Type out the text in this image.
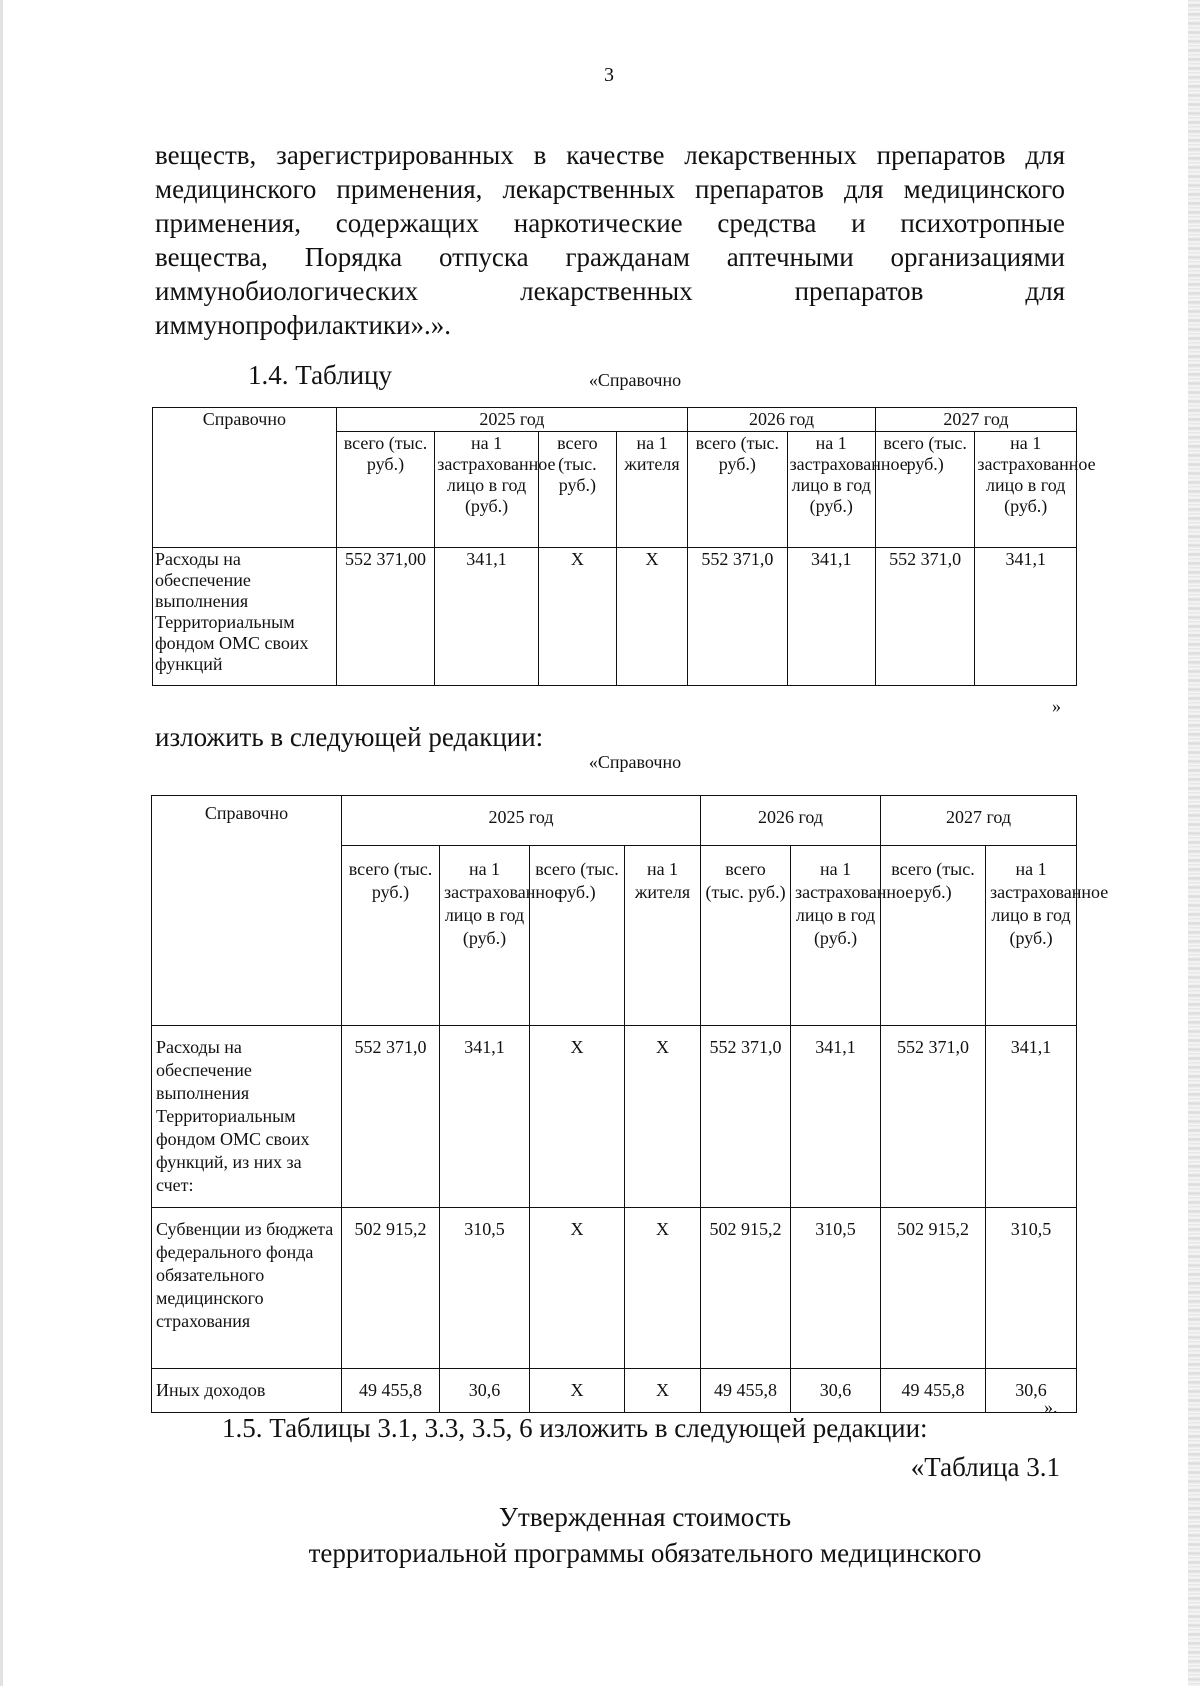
3
веществ, зарегистрированных в качестве лекарственных препаратов для
медицинского применения, лекарственных препаратов для медицинского
применения, содержащих наркотические средства и психотропные
вещества, Порядка отпуска гражданам аптечными организациями
иммунобиологических лекарственных препаратов для
иммунопрофилактики».».
1.4. Таблицу	«Справочно
Справочно	2025 год				2026 год		2027 год	
	всего (тыс. руб.)	на 1 застрахованное лицо в год (руб.)	всего (тыс. руб.)	на 1 жителя	всего (тыс. руб.)	на 1 застрахованное лицо в год (руб.)	всего (тыс. руб.)	на 1 застрахованное лицо в год (руб.)
Расходы на обеспечение выполнения Территориальным фондом ОМС своих функций	552 371,00	341,1	Х	Х	552 371,0	341,1	552 371,0	341,1
»
изложить в следующей редакции:
«Справочно
Справочно	2025 год				2026 год		2027 год	
	всего (тыс. руб.)	на 1 застрахованное лицо в год (руб.)	всего (тыс. руб.)	на 1 жителя	всего (тыс. руб.)	на 1 застрахованное лицо в год (руб.)	всего (тыс. руб.)	на 1 застрахованное лицо в год (руб.)
Расходы на обеспечение выполнения Территориальным фондом ОМС своих функций, из них за счет:	552 371,0	341,1	Х	Х	552 371,0	341,1	552 371,0	341,1
Субвенции из бюджета федерального фонда обязательного медицинского страхования	502 915,2	310,5	Х	Х	502 915,2	310,5	502 915,2	310,5
Иных доходов	49 455,8	30,6	Х	Х	49 455,8	30,6	49 455,8	30,6
».
1.5. Таблицы 3.1, 3.3, 3.5, 6 изложить в следующей редакции:
«Таблица 3.1
Утвержденная стоимость
территориальной программы обязательного медицинского
